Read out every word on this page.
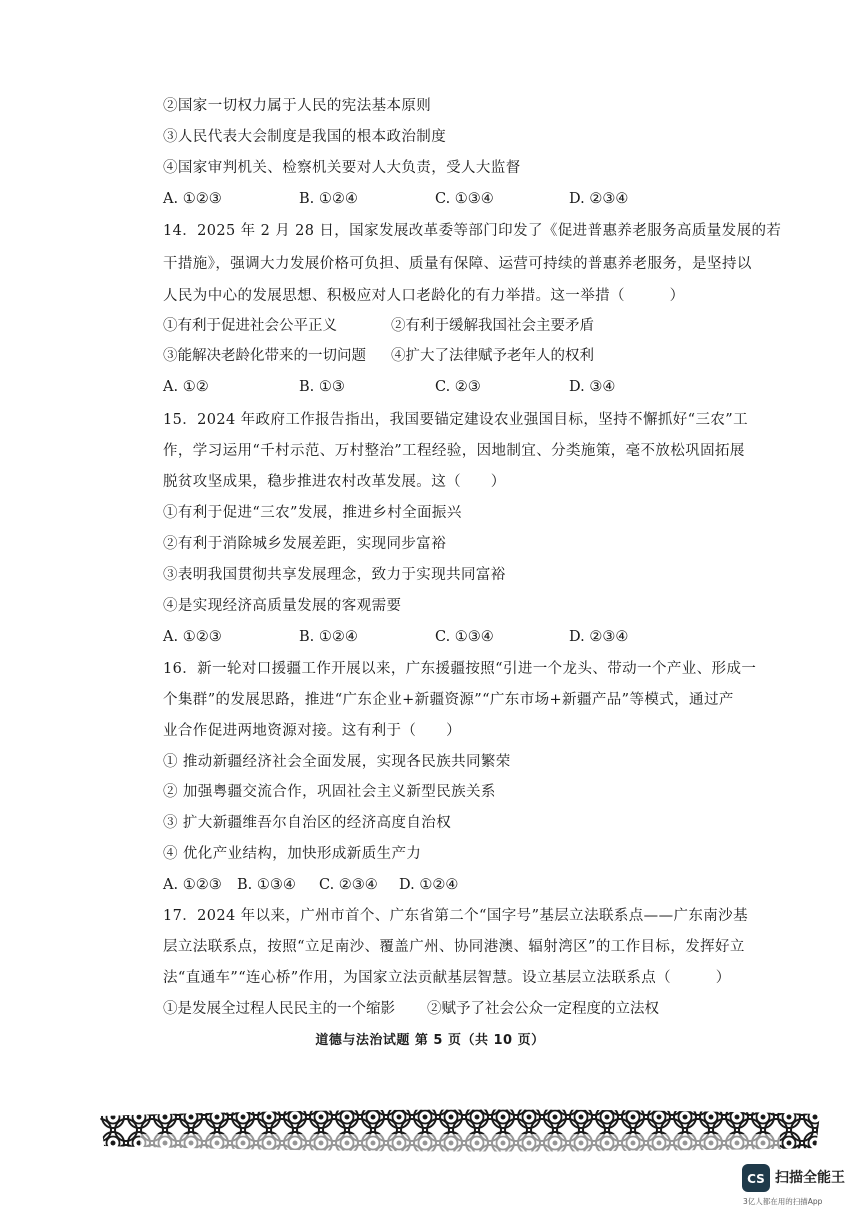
②国家一切权力属于人民的宪法基本原则
③人民代表大会制度是我国的根本政治制度
④国家审判机关、检察机关要对人大负责，受人大监督
A. ①②③	B. ①②④	C. ①③④	D. ②③④
14．2025 年 2 月 28 日，国家发展改革委等部门印发了《促进普惠养老服务高质量发展的若
干措施》，强调大力发展价格可负担、质量有保障、运营可持续的普惠养老服务，是坚持以
人民为中心的发展思想、积极应对人口老龄化的有力举措。这一举措（　　　）
①有利于促进社会公平正义	②有利于缓解我国社会主要矛盾
③能解决老龄化带来的一切问题 ④扩大了法律赋予老年人的权利
A. ①②	B. ①③	C. ②③	D. ③④
15．2024 年政府工作报告指出，我国要锚定建设农业强国目标，坚持不懈抓好“三农”工
作，学习运用“千村示范、万村整治”工程经验，因地制宜、分类施策，毫不放松巩固拓展
脱贫攻坚成果，稳步推进农村改革发展。这（　　）
①有利于促进“三农”发展，推进乡村全面振兴
②有利于消除城乡发展差距，实现同步富裕
③表明我国贯彻共享发展理念，致力于实现共同富裕
④是实现经济高质量发展的客观需要
A. ①②③	B. ①②④	C. ①③④	D. ②③④
16．新一轮对口援疆工作开展以来，广东援疆按照“引进一个龙头、带动一个产业、形成一
个集群”的发展思路，推进“广东企业+新疆资源”“广东市场+新疆产品”等模式，通过产
业合作促进两地资源对接。这有利于（　　）
① 推动新疆经济社会全面发展，实现各民族共同繁荣
② 加强粤疆交流合作，巩固社会主义新型民族关系
③ 扩大新疆维吾尔自治区的经济高度自治权
④ 优化产业结构，加快形成新质生产力
A. ①②③ B. ①③④ C. ②③④ D. ①②④
17．2024 年以来，广州市首个、广东省第二个“国字号”基层立法联系点——广东南沙基
层立法联系点，按照“立足南沙、覆盖广州、协同港澳、辐射湾区”的工作目标，发挥好立
法“直通车”“连心桥”作用，为国家立法贡献基层智慧。设立基层立法联系点（　　　）
①是发展全过程人民民主的一个缩影 ②赋予了社会公众一定程度的立法权
道德与法治试题 第 5 页（共 10 页）
CS 扫描全能王
3亿人都在用的扫描App
